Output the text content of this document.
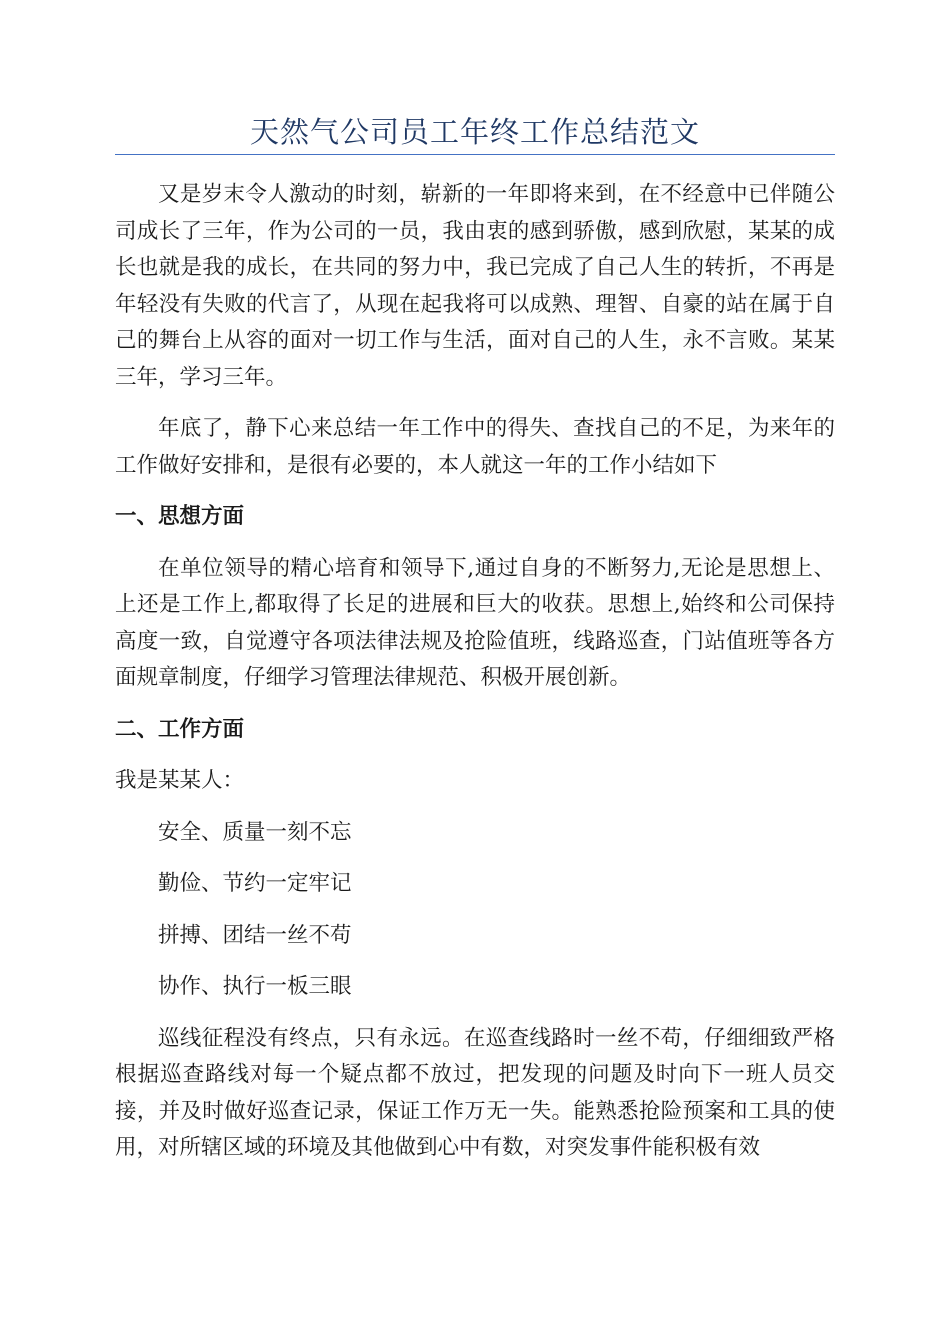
天然气公司员工年终工作总结范文

又是岁末令人激动的时刻，崭新的一年即将来到，在不经意中已伴随公司成长了三年，作为公司的一员，我由衷的感到骄傲，感到欣慰，某某的成长也就是我的成长，在共同的努力中，我已完成了自己人生的转折，不再是年轻没有失败的代言了，从现在起我将可以成熟、理智、自豪的站在属于自己的舞台上从容的面对一切工作与生活，面对自己的人生，永不言败。某某三年，学习三年。

年底了，静下心来总结一年工作中的得失、查找自己的不足，为来年的工作做好安排和，是很有必要的，本人就这一年的工作小结如下

一、思想方面

在单位领导的精心培育和领导下,通过自身的不断努力,无论是思想上、上还是工作上,都取得了长足的进展和巨大的收获。思想上,始终和公司保持高度一致，自觉遵守各项法律法规及抢险值班，线路巡查，门站值班等各方面规章制度，仔细学习管理法律规范、积极开展创新。

二、工作方面

我是某某人：

安全、质量一刻不忘

勤俭、节约一定牢记

拼搏、团结一丝不苟

协作、执行一板三眼

巡线征程没有终点，只有永远。在巡查线路时一丝不苟，仔细细致严格根据巡查路线对每一个疑点都不放过，把发现的问题及时向下一班人员交接，并及时做好巡查记录，保证工作万无一失。能熟悉抢险预案和工具的使用，对所辖区域的环境及其他做到心中有数，对突发事件能积极有效
